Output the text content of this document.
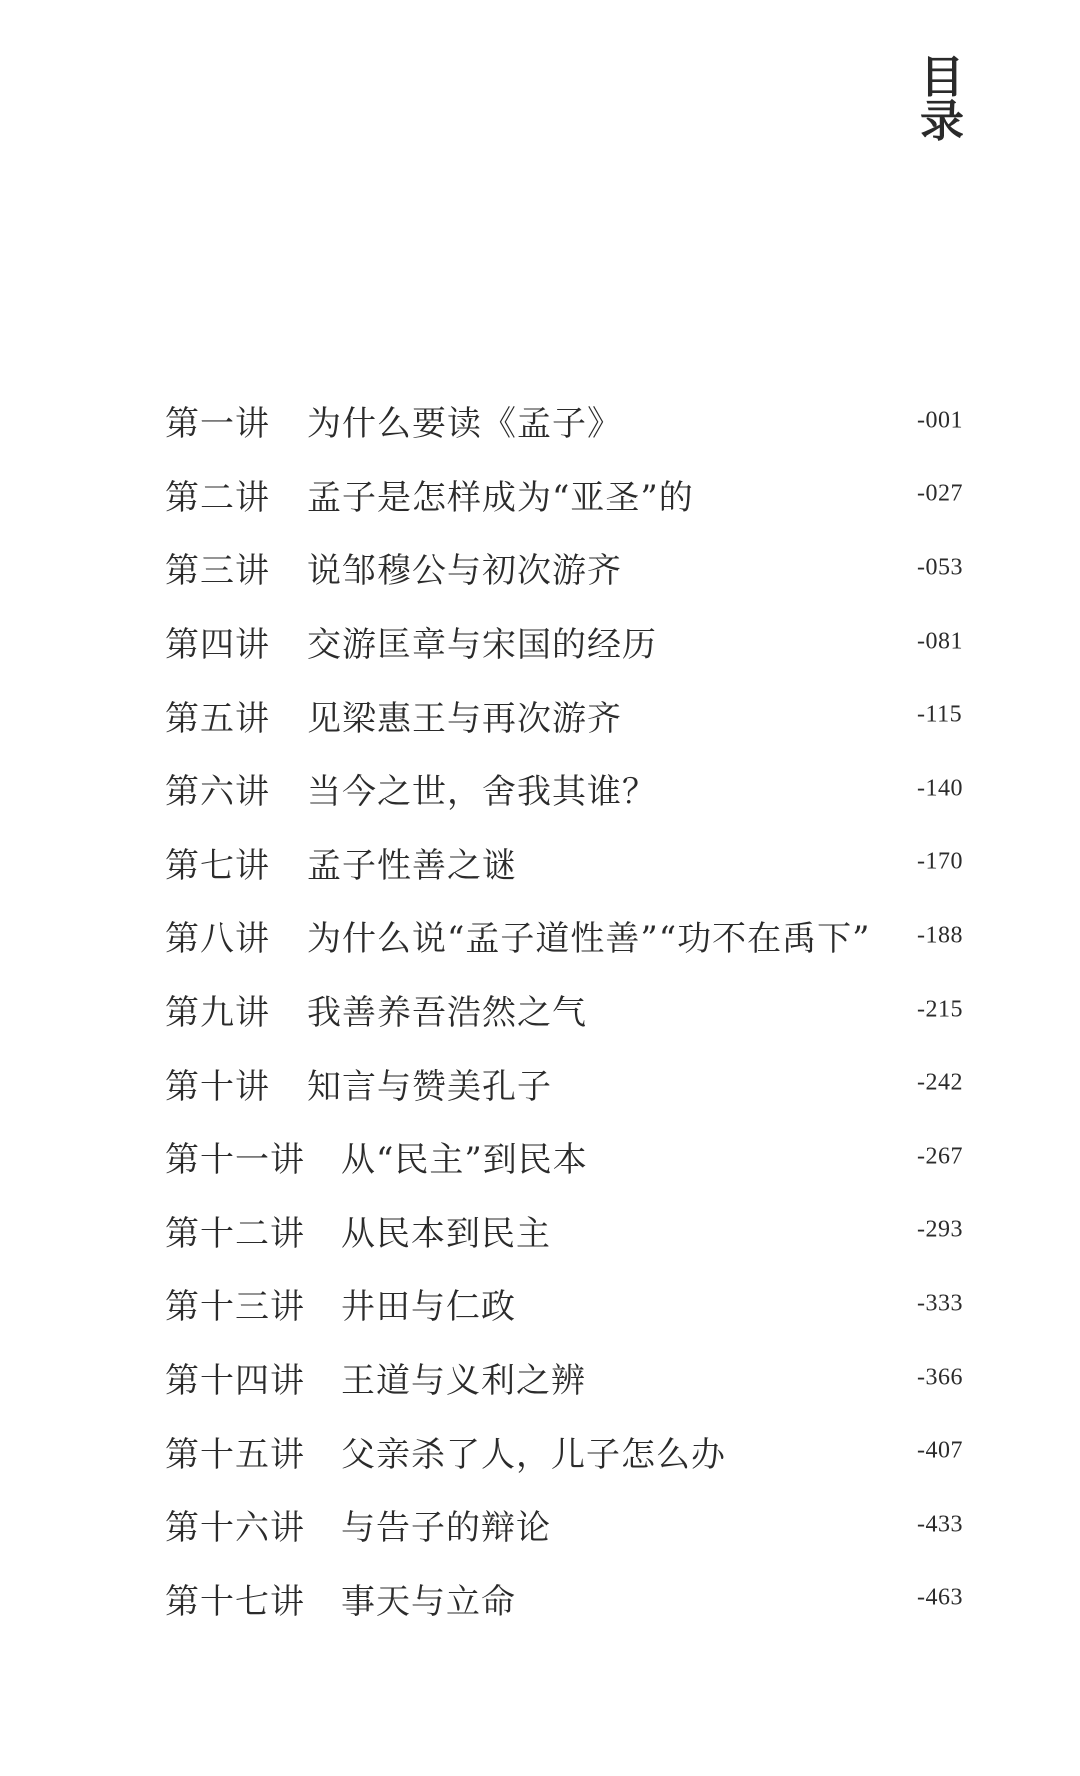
目
录
第一讲	为什么要读《孟子》	-001
第二讲	孟子是怎样成为“亚圣”的	-027
第三讲	说邹穆公与初次游齐	-053
第四讲	交游匡章与宋国的经历	-081
第五讲	见梁惠王与再次游齐	-115
第六讲	当今之世，舍我其谁？	-140
第七讲	孟子性善之谜	-170
第八讲	为什么说“孟子道性善”“功不在禹下” -188
第九讲	我善养吾浩然之气	-215
第十讲	知言与赞美孔子	-242
第十一讲	从“民主”到民本	-267
第十二讲	从民本到民主	-293
第十三讲	井田与仁政	-333
第十四讲	王道与义利之辨	-366
第十五讲	父亲杀了人，儿子怎么办	-407
第十六讲	与告子的辩论	-433
第十七讲	事天与立命	-463
